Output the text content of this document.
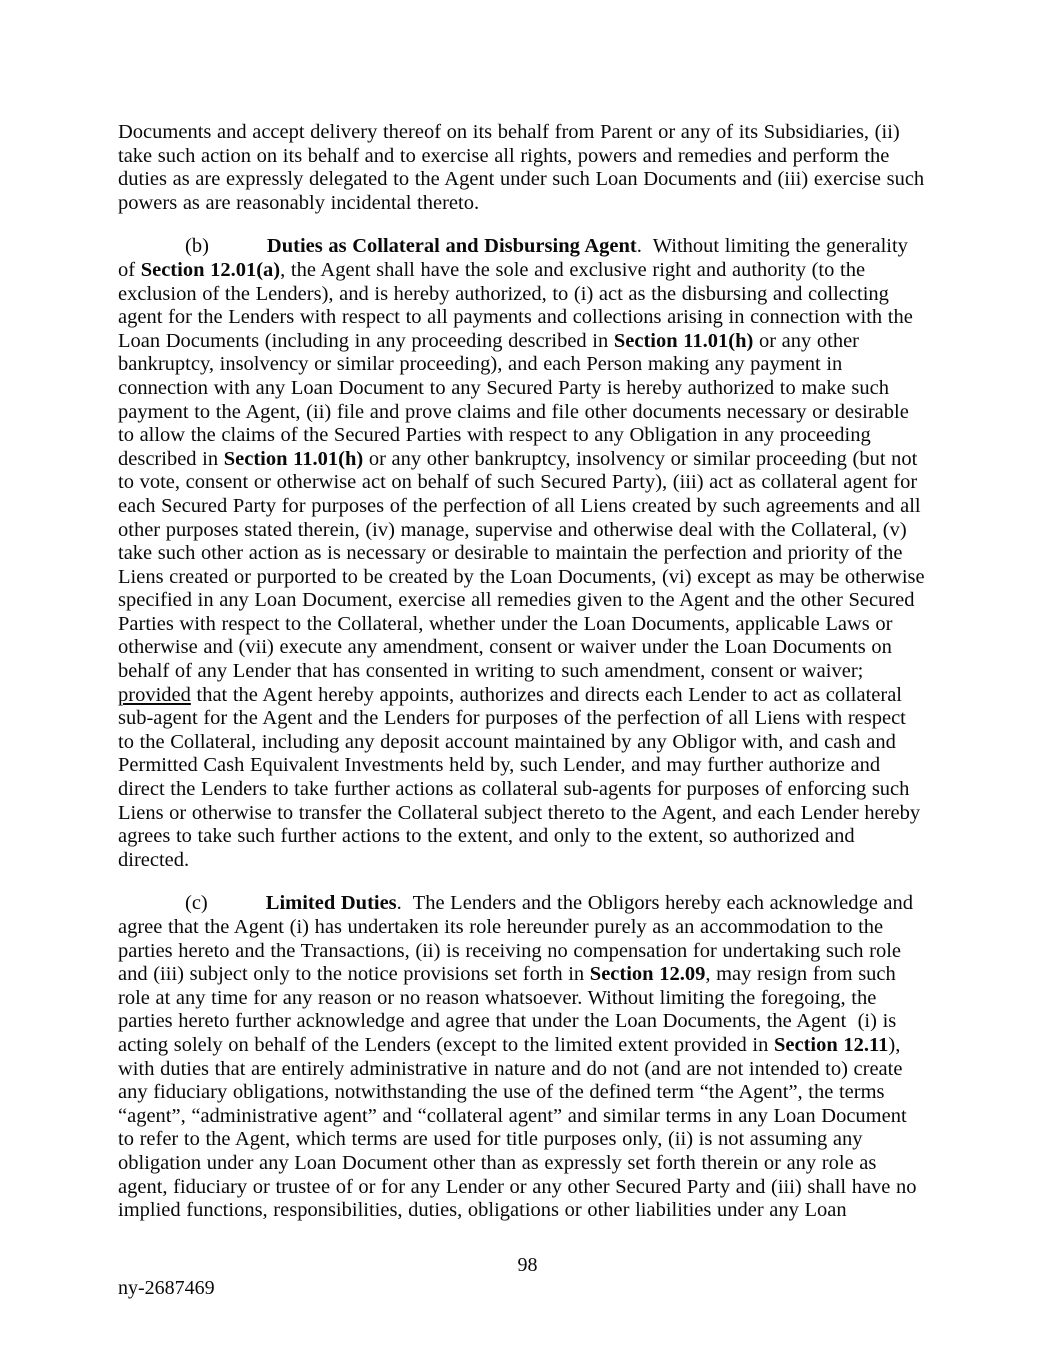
Documents and accept delivery thereof on its behalf from Parent or any of its Subsidiaries, (ii) take such action on its behalf and to exercise all rights, powers and remedies and perform the duties as are expressly delegated to the Agent under such Loan Documents and (iii) exercise such powers as are reasonably incidental thereto.

(b)	Duties as Collateral and Disbursing Agent.  Without limiting the generality of Section 12.01(a), the Agent shall have the sole and exclusive right and authority (to the exclusion of the Lenders), and is hereby authorized, to (i) act as the disbursing and collecting agent for the Lenders with respect to all payments and collections arising in connection with the Loan Documents (including in any proceeding described in Section 11.01(h) or any other bankruptcy, insolvency or similar proceeding), and each Person making any payment in connection with any Loan Document to any Secured Party is hereby authorized to make such payment to the Agent, (ii) file and prove claims and file other documents necessary or desirable to allow the claims of the Secured Parties with respect to any Obligation in any proceeding described in Section 11.01(h) or any other bankruptcy, insolvency or similar proceeding (but not to vote, consent or otherwise act on behalf of such Secured Party), (iii) act as collateral agent for each Secured Party for purposes of the perfection of all Liens created by such agreements and all other purposes stated therein, (iv) manage, supervise and otherwise deal with the Collateral, (v) take such other action as is necessary or desirable to maintain the perfection and priority of the Liens created or purported to be created by the Loan Documents, (vi) except as may be otherwise specified in any Loan Document, exercise all remedies given to the Agent and the other Secured Parties with respect to the Collateral, whether under the Loan Documents, applicable Laws or otherwise and (vii) execute any amendment, consent or waiver under the Loan Documents on behalf of any Lender that has consented in writing to such amendment, consent or waiver; provided that the Agent hereby appoints, authorizes and directs each Lender to act as collateral sub-agent for the Agent and the Lenders for purposes of the perfection of all Liens with respect to the Collateral, including any deposit account maintained by any Obligor with, and cash and Permitted Cash Equivalent Investments held by, such Lender, and may further authorize and direct the Lenders to take further actions as collateral sub-agents for purposes of enforcing such Liens or otherwise to transfer the Collateral subject thereto to the Agent, and each Lender hereby agrees to take such further actions to the extent, and only to the extent, so authorized and directed.

(c)	Limited Duties.  The Lenders and the Obligors hereby each acknowledge and agree that the Agent (i) has undertaken its role hereunder purely as an accommodation to the parties hereto and the Transactions, (ii) is receiving no compensation for undertaking such role and (iii) subject only to the notice provisions set forth in Section 12.09, may resign from such role at any time for any reason or no reason whatsoever. Without limiting the foregoing, the parties hereto further acknowledge and agree that under the Loan Documents, the Agent  (i) is acting solely on behalf of the Lenders (except to the limited extent provided in Section 12.11), with duties that are entirely administrative in nature and do not (and are not intended to) create any fiduciary obligations, notwithstanding the use of the defined term “the Agent”, the terms “agent”, “administrative agent” and “collateral agent” and similar terms in any Loan Document to refer to the Agent, which terms are used for title purposes only, (ii) is not assuming any obligation under any Loan Document other than as expressly set forth therein or any role as agent, fiduciary or trustee of or for any Lender or any other Secured Party and (iii) shall have no implied functions, responsibilities, duties, obligations or other liabilities under any Loan

98
ny-2687469
